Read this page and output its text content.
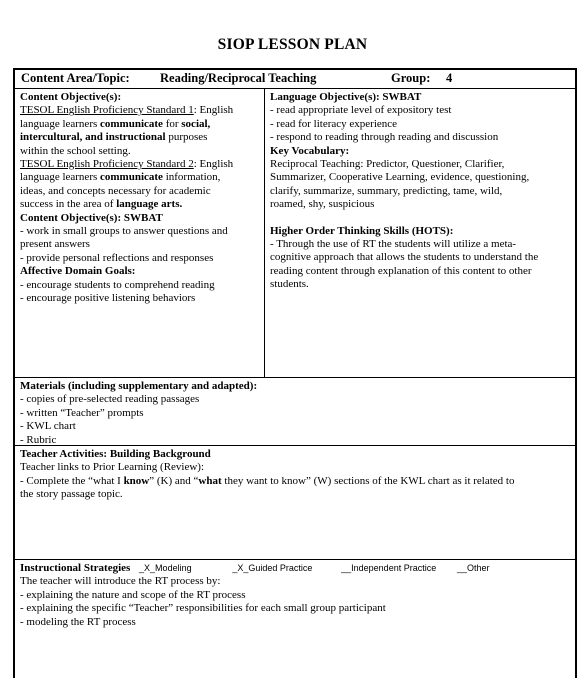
SIOP LESSON PLAN
Content Area/Topic: Reading/Reciprocal Teaching	Group: 4
Content Objective(s):
TESOL English Proficiency Standard 1: English
language learners communicate for social,
intercultural, and instructional purposes
within the school setting.
TESOL English Proficiency Standard 2: English
language learners communicate information,
ideas, and concepts necessary for academic
success in the area of language arts.
Content Objective(s): SWBAT
- work in small groups to answer questions and
present answers
- provide personal reflections and responses
Affective Domain Goals:
- encourage students to comprehend reading
- encourage positive listening behaviors
Language Objective(s): SWBAT
- read appropriate level of expository test
- read for literacy experience
- respond to reading through reading and discussion
Key Vocabulary:
Reciprocal Teaching: Predictor, Questioner, Clarifier,
Summarizer, Cooperative Learning, evidence, questioning,
clarify, summarize, summary, predicting, tame, wild,
roamed, shy, suspicious
Higher Order Thinking Skills (HOTS):
- Through the use of RT the students will utilize a meta-
cognitive approach that allows the students to understand the
reading content through explanation of this content to other
students.
Materials (including supplementary and adapted):
- copies of pre-selected reading passages
- written “Teacher” prompts
- KWL chart
- Rubric
Teacher Activities: Building Background
Teacher links to Prior Learning (Review):
- Complete the “what I know” (K) and “what they want to know” (W) sections of the KWL chart as it related to
the story passage topic.
Instructional Strategies _X_Modeling	_X_Guided Practice	__Independent Practice __Other
The teacher will introduce the RT process by:
- explaining the nature and scope of the RT process
- explaining the specific “Teacher” responsibilities for each small group participant
- modeling the RT process
